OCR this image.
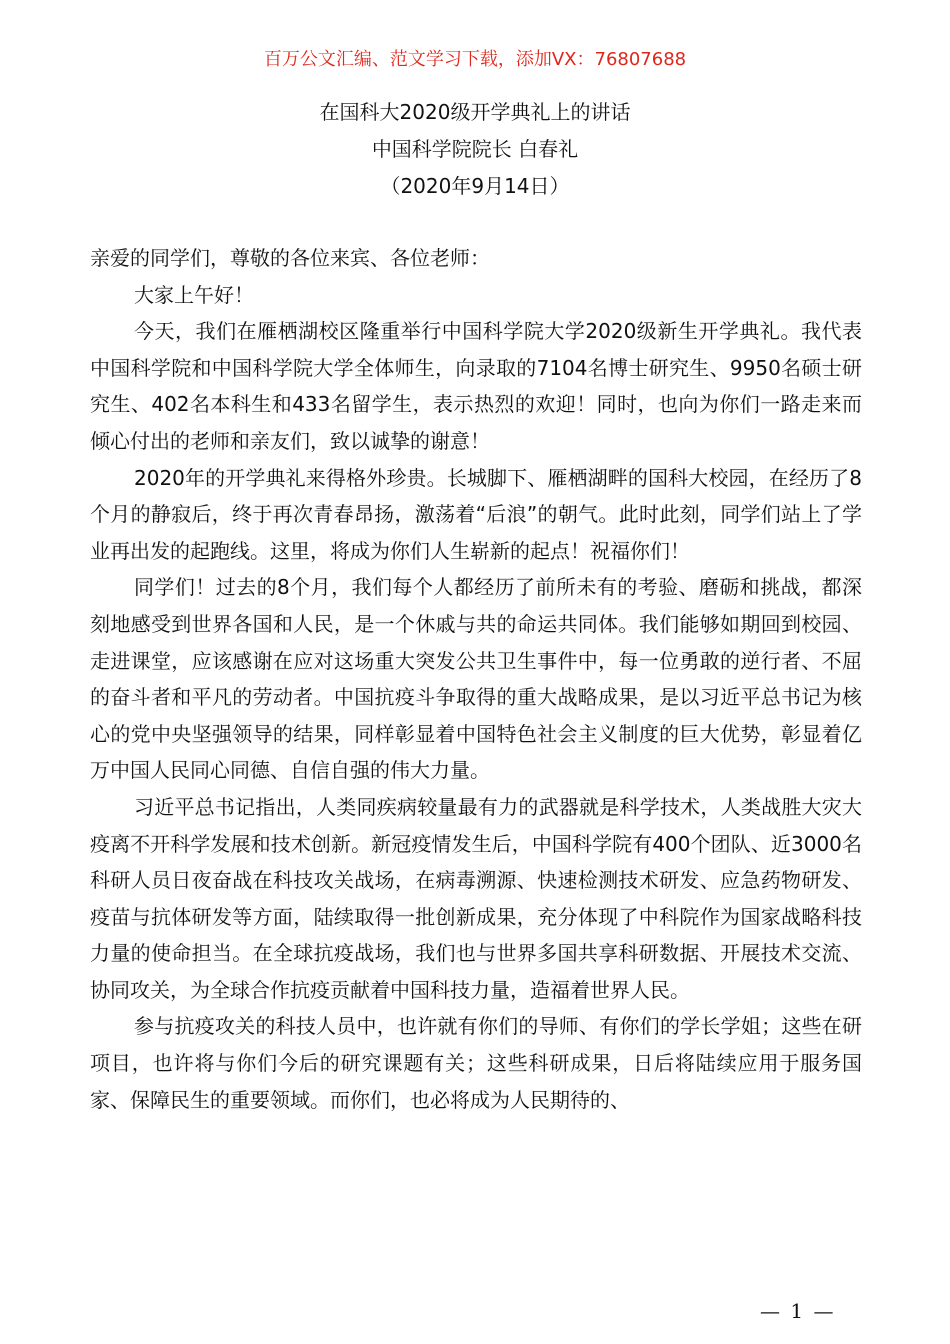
百万公文汇编、范文学习下载，添加VX：76807688
在国科大2020级开学典礼上的讲话
中国科学院院长 白春礼
（2020年9月14日）

亲爱的同学们，尊敬的各位来宾、各位老师：

大家上午好！

今天，我们在雁栖湖校区隆重举行中国科学院大学2020级新生开学典礼。我代表中国科学院和中国科学院大学全体师生，向录取的7104名博士研究生、9950名硕士研究生、402名本科生和433名留学生，表示热烈的欢迎！同时，也向为你们一路走来而倾心付出的老师和亲友们，致以诚挚的谢意！

2020年的开学典礼来得格外珍贵。长城脚下、雁栖湖畔的国科大校园，在经历了8个月的静寂后，终于再次青春昂扬，激荡着“后浪”的朝气。此时此刻，同学们站上了学业再出发的起跑线。这里，将成为你们人生崭新的起点！祝福你们！

同学们！过去的8个月，我们每个人都经历了前所未有的考验、磨砺和挑战，都深刻地感受到世界各国和人民，是一个休戚与共的命运共同体。我们能够如期回到校园、走进课堂，应该感谢在应对这场重大突发公共卫生事件中，每一位勇敢的逆行者、不屈的奋斗者和平凡的劳动者。中国抗疫斗争取得的重大战略成果，是以习近平总书记为核心的党中央坚强领导的结果，同样彰显着中国特色社会主义制度的巨大优势，彰显着亿万中国人民同心同德、自信自强的伟大力量。

习近平总书记指出，人类同疾病较量最有力的武器就是科学技术，人类战胜大灾大疫离不开科学发展和技术创新。新冠疫情发生后，中国科学院有400个团队、近3000名科研人员日夜奋战在科技攻关战场，在病毒溯源、快速检测技术研发、应急药物研发、疫苗与抗体研发等方面，陆续取得一批创新成果，充分体现了中科院作为国家战略科技力量的使命担当。在全球抗疫战场，我们也与世界多国共享科研数据、开展技术交流、协同攻关，为全球合作抗疫贡献着中国科技力量，造福着世界人民。

参与抗疫攻关的科技人员中，也许就有你们的导师、有你们的学长学姐；这些在研项目，也许将与你们今后的研究课题有关；这些科研成果，日后将陆续应用于服务国家、保障民生的重要领域。而你们，也必将成为人民期待的、

— 1 —
